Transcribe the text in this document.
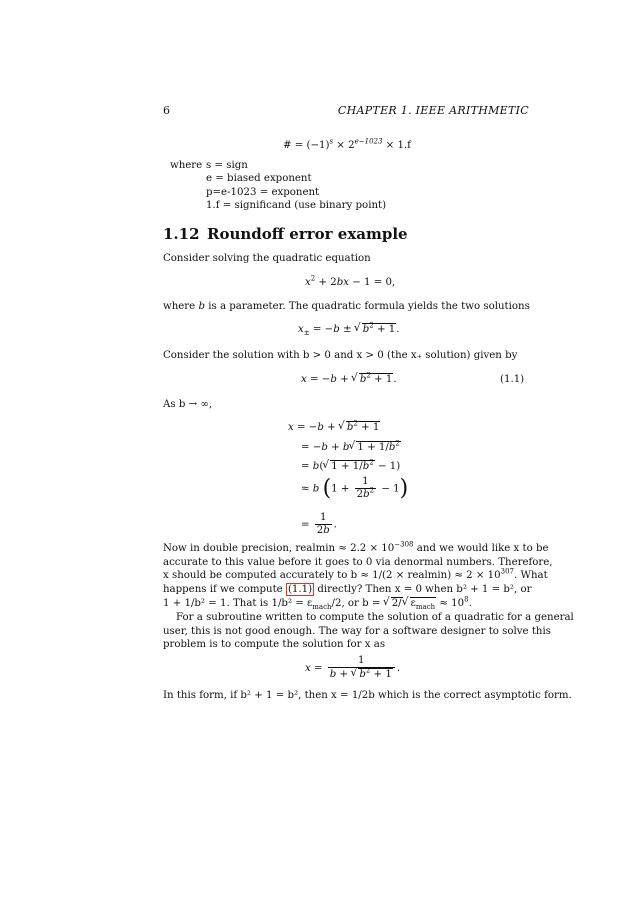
6	CHAPTER 1. IEEE ARITHMETIC
# = $(-1)^s \times 2^{e-1023} \times 1.f$
where s = sign
e = biased exponent
p=e-1023 = exponent
1.f = significand (use binary point)
1.12 Roundoff error example
Consider solving the quadratic equation
$x^2 + 2bx - 1 = 0$,
where b is a parameter. The quadratic formula yields the two solutions
$x_\pm = -b$ ± √ $b^2 + 1$.
Consider the solution with b > 0 and x > 0 (the x₊ solution) given by
x = −b + √ $b^2 + 1$.	(1.1)
As b → ∞,
x = −b + √ $b^2 + 1$
= −b + b √ $1 + 1/b^2$
= b( √ $1 + 1/b^2 - 1$)
≈ b $(1 + \frac{1}{2b^2} - 1)$
= $\frac{1}{2b}$ .
Now in double precision, realmin ≈ $2.2 \times 10^{-308}$ and we would like x to be
accurate to this value before it goes to 0 via denormal numbers. Therefore,
x should be computed accurately to b ≈ 1/(2 × realmin) ≈ $2 \times 10^{307}$. What
happens if we compute (1.1) directly? Then x = 0 when b² + 1 = b², or
1 + 1/b² = 1. That is $1/b^2 = \varepsilon_{mach}/2$, or b = √ 2/ √ $\varepsilon_{mach} \approx 10^8$.
For a subroutine written to compute the solution of a quadratic for a general
user, this is not good enough. The way for a software designer to solve this
problem is to compute the solution for x as
$x = \frac{1}{b + √ b^2 + 1}$ .
In this form, if b² + 1 = b², then x = 1/2b which is the correct asymptotic form.
